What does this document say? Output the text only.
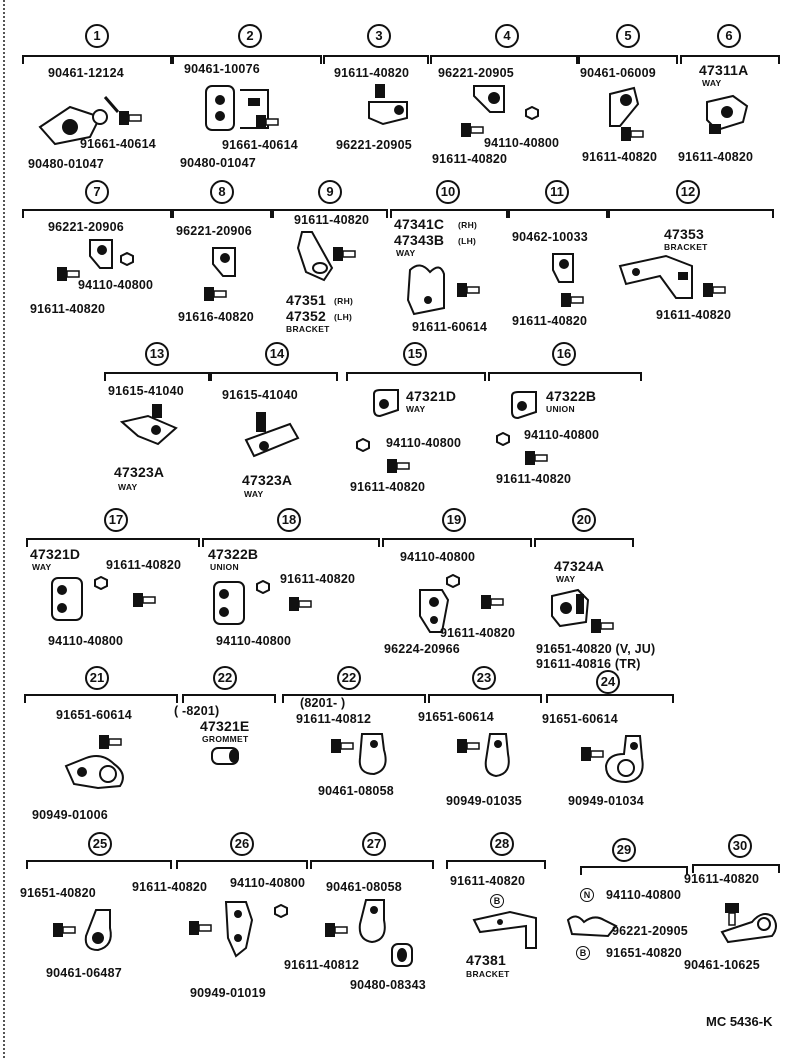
1
90461-12124
91661-40614
90480-01047
2
90461-10076
91661-40614
90480-01047
3
91611-40820
96221-20905
4
96221-20905
94110-40800
91611-40820
5
90461-06009
91611-40820
6
47311A
WAY
91611-40820
7
96221-20906
94110-40800
91611-40820
8
96221-20906
91616-40820
9
91611-40820
47351 (RH)
47352 (LH)
BRACKET
10
47341C (RH)
47343B (LH)
WAY
91611-60614
11
90462-10033
91611-40820
12
47353
BRACKET
91611-40820
13
91615-41040
47323A
WAY
14
91615-41040
47323A
WAY
15
47321D
WAY
94110-40800
91611-40820
16
47322B
UNION
94110-40800
91611-40820
17
47321D
WAY	91611-40820
94110-40800
18
47322B
UNION
91611-40820
94110-40800
19
94110-40800
91611-40820
96224-20966
20
47324A
WAY
91651-40820 (V, JU)
91611-40816 (TR)
21
91651-60614
90949-01006
22
( -8201)
47321E
GROMMET
22
(8201- )
91611-40812
90461-08058
23
91651-60614
90949-01035
24
91651-60614
90949-01034
25
91651-40820
90461-06487
26
91611-40820 94110-40800
90949-01019
27
90461-08058
91611-40812
90480-08343
28
91611-40820
B
47381
BRACKET
29
N	94110-40800
96221-20905
B	91651-40820
30
91611-40820
90461-10625
MC 5436-K
